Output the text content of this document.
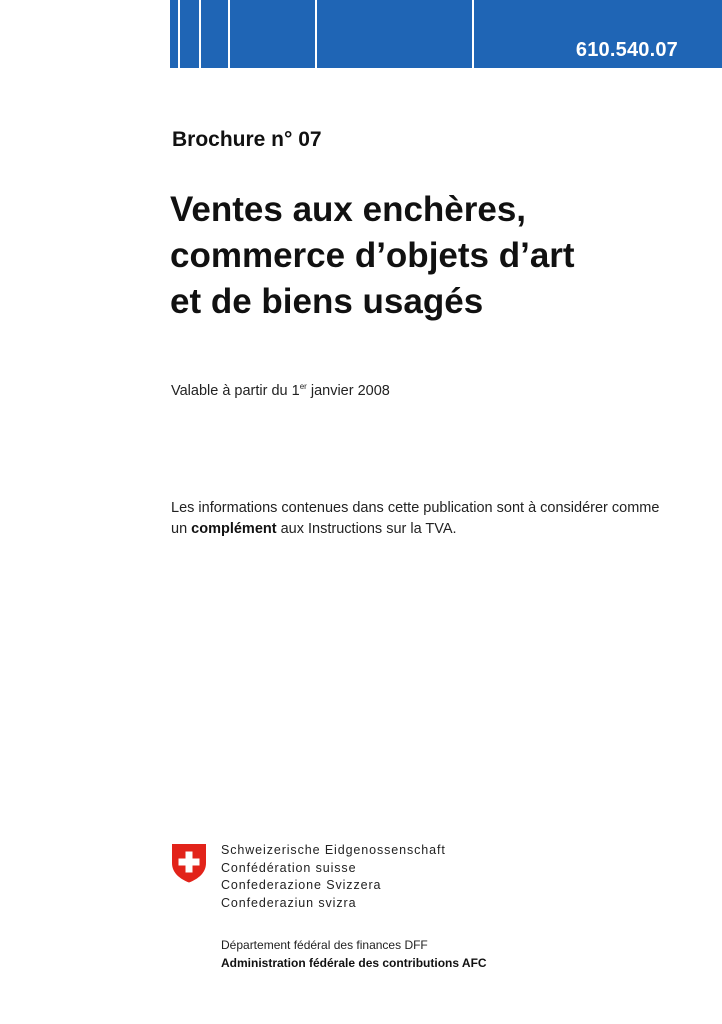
610.540.07
Brochure n° 07
Ventes aux enchères,
commerce d’objets d’art
et de biens usagés
Valable à partir du 1er janvier 2008
Les informations contenues dans cette publication sont à considérer comme
un complément aux Instructions sur la TVA.
Schweizerische Eidgenossenschaft
Confédération suisse
Confederazione Svizzera
Confederaziun svizra
Département fédéral des finances DFF
Administration fédérale des contributions AFC
